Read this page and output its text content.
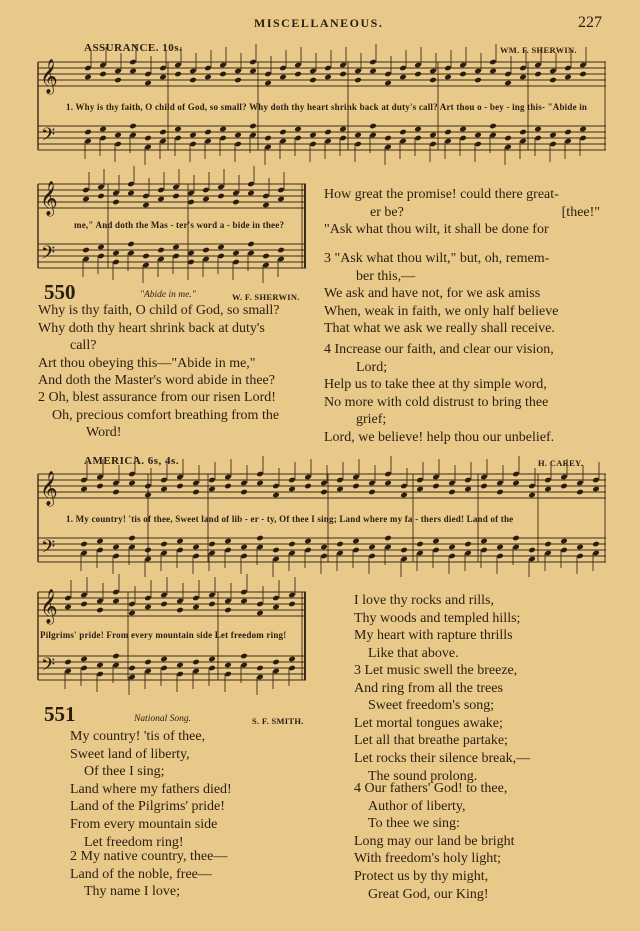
MISCELLANEOUS.	227
ASSURANCE. 10s.	WM. F. SHERWIN.
𝄞
𝄢
1. Why is thy faith, O child of God, so small? Why doth thy heart shrink back at duty's call? Art thou o - bey - ing this- "Abide in
𝄞
𝄢
me," And doth the Mas - ter's word a - bide in thee?
550	"Abide in me."	W. F. SHERWIN.
Why is thy faith, O child of God, so small?
Why doth thy heart shrink back at duty's
call?
Art thou obeying this—"Abide in me,"
And doth the Master's word abide in thee?
2 Oh, blest assurance from our risen Lord!
Oh, precious comfort breathing from the
Word!
How great the promise! could there great-
er be?	[thee!"
"Ask what thou wilt, it shall be done for
3 "Ask what thou wilt," but, oh, remem-
ber this,—
We ask and have not, for we ask amiss
When, weak in faith, we only half believe
That what we ask we really shall receive.
4 Increase our faith, and clear our vision,
Lord;
Help us to take thee at thy simple word,
No more with cold distrust to bring thee
grief;
Lord, we believe! help thou our unbelief.
AMERICA. 6s, 4s.	H. CAREY.
𝄞
𝄢
1. My country! 'tis of thee, Sweet land of lib - er - ty, Of thee I sing; Land where my fa - thers died! Land of the
𝄞
𝄢
Pilgrims' pride! From every mountain side Let freedom ring!
551	National Song.	S. F. SMITH.
My country! 'tis of thee,
Sweet land of liberty,
Of thee I sing;
Land where my fathers died!
Land of the Pilgrims' pride!
From every mountain side
Let freedom ring!
2 My native country, thee—
Land of the noble, free—
Thy name I love;
I love thy rocks and rills,
Thy woods and templed hills;
My heart with rapture thrills
Like that above.
3 Let music swell the breeze,
And ring from all the trees
Sweet freedom's song;
Let mortal tongues awake;
Let all that breathe partake;
Let rocks their silence break,—
The sound prolong.
4 Our fathers' God! to thee,
Author of liberty,
To thee we sing:
Long may our land be bright
With freedom's holy light;
Protect us by thy might,
Great God, our King!
